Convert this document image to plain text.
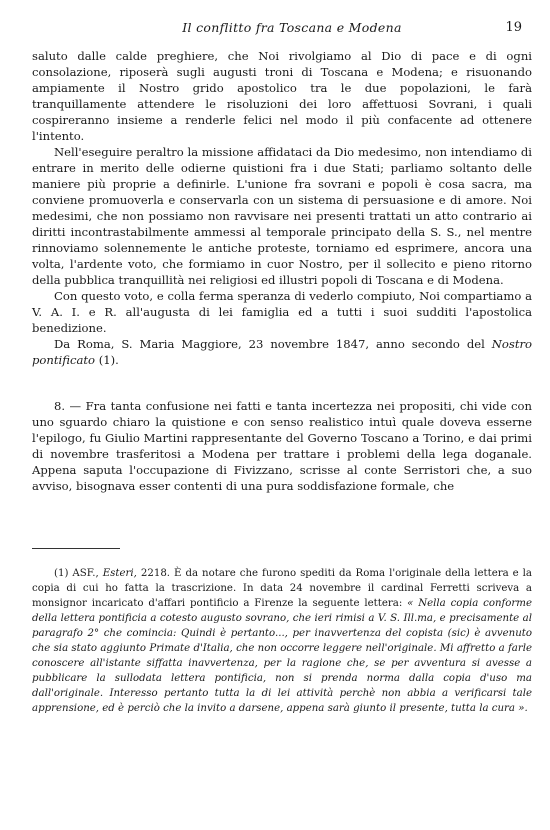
Il conflitto fra Toscana e Modena	19

saluto dalle calde preghiere, che Noi rivolgiamo al Dio di pace e di ogni consolazione, riposerà sugli augusti troni di Toscana e Modena; e risuonando ampiamente il Nostro grido apostolico tra le due popolazioni, le farà tranquillamente attendere le risoluzioni dei loro affettuosi Sovrani, i quali cospireranno insieme a renderle felici nel modo il più confacente ad ottenere l'intento.

Nell'eseguire peraltro la missione affidataci da Dio medesimo, non intendiamo di entrare in merito delle odierne quistioni fra i due Stati; parliamo soltanto delle maniere più proprie a definirle. L'unione fra sovrani e popoli è cosa sacra, ma conviene promuoverla e conservarla con un sistema di persuasione e di amore. Noi medesimi, che non possiamo non ravvisare nei presenti trattati un atto contrario ai diritti incontrastabilmente ammessi al temporale principato della S. S., nel mentre rinnoviamo solennemente le antiche proteste, torniamo ed esprimere, ancora una volta, l'ardente voto, che formiamo in cuor Nostro, per il sollecito e pieno ritorno della pubblica tranquillità nei religiosi ed illustri popoli di Toscana e di Modena.

Con questo voto, e colla ferma speranza di vederlo compiuto, Noi compartiamo a V. A. I. e R. all'augusta di lei famiglia ed a tutti i suoi sudditi l'apostolica benedizione.

Da Roma, S. Maria Maggiore, 23 novembre 1847, anno secondo del Nostro pontificato (1).

8. — Fra tanta confusione nei fatti e tanta incertezza nei propositi, chi vide con uno sguardo chiaro la quistione e con senso realistico intuì quale doveva esserne l'epilogo, fu Giulio Martini rappresentante del Governo Toscano a Torino, e dai primi di novembre trasferitosi a Modena per trattare i problemi della lega doganale. Appena saputa l'occupazione di Fivizzano, scrisse al conte Serristori che, a suo avviso, bisognava esser contenti di una pura soddisfazione formale, che

(1) ASF., Esteri, 2218. È da notare che furono spediti da Roma l'originale della lettera e la copia di cui ho fatta la trascrizione. In data 24 novembre il cardinal Ferretti scriveva a monsignor incaricato d'affari pontificio a Firenze la seguente lettera: « Nella copia conforme della lettera pontificia a cotesto augusto sovrano, che ieri rimisi a V. S. Ill.ma, e precisamente al paragrafo 2° che comincia: Quindi è pertanto..., per inavvertenza del copista (sic) è avvenuto che sia stato aggiunto Primate d'Italia, che non occorre leggere nell'originale. Mi affretto a farle conoscere all'istante siffatta inavvertenza, per la ragione che, se per avventura si avesse a pubblicare la sullodata lettera pontificia, non si prenda norma dalla copia d'uso ma dall'originale. Interesso pertanto tutta la di lei attività perchè non abbia a verificarsi tale apprensione, ed è perciò che la invito a darsene, appena sarà giunto il presente, tutta la cura ».
